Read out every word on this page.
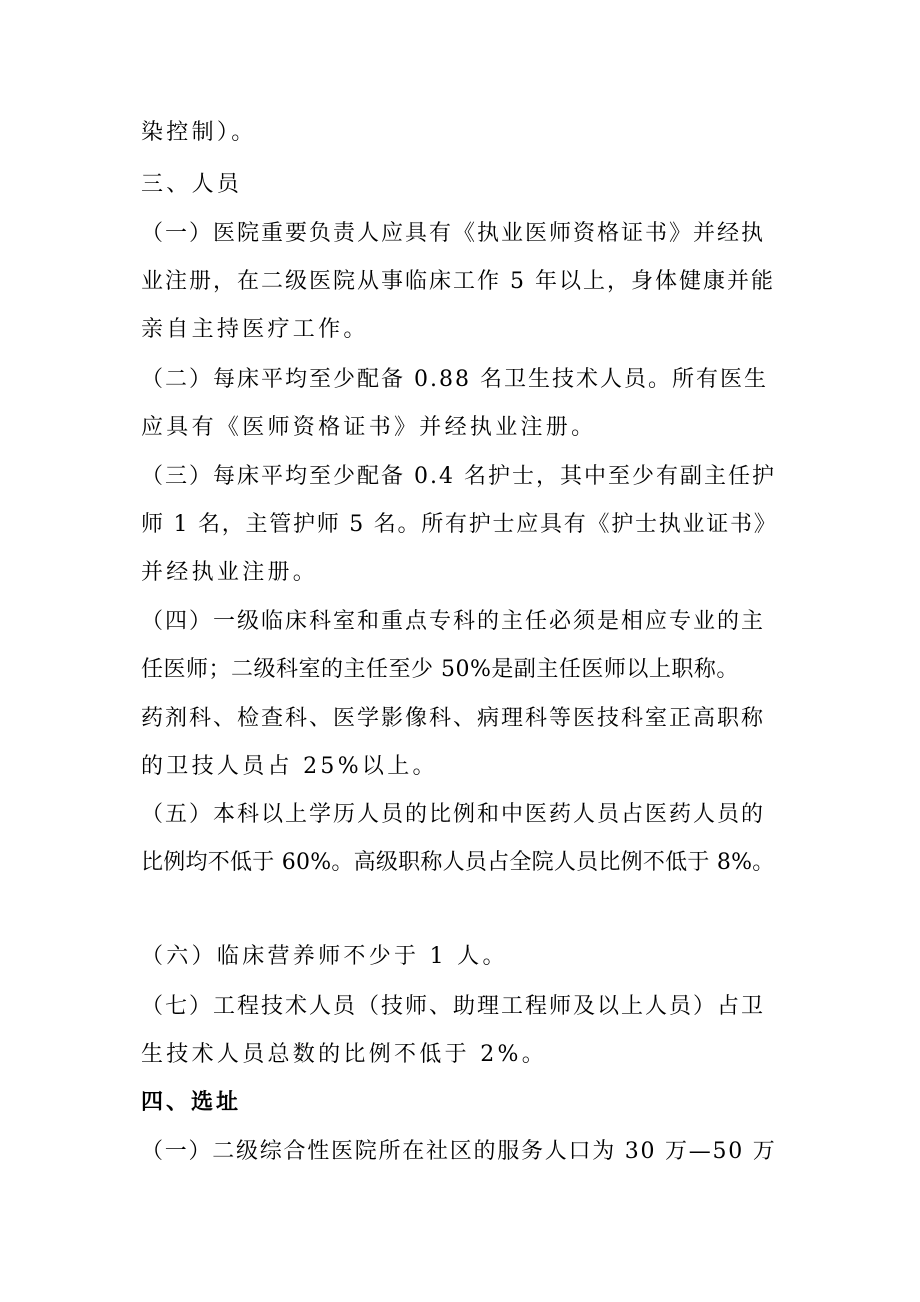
染控制）。
三、人员
（一）医院重要负责人应具有《执业医师资格证书》并经执
业注册，在二级医院从事临床工作 5 年以上，身体健康并能
亲自主持医疗工作。
（二）每床平均至少配备 0.88 名卫生技术人员。所有医生
应具有《医师资格证书》并经执业注册。
（三）每床平均至少配备 0.4 名护士，其中至少有副主任护
师 1 名，主管护师 5 名。所有护士应具有《护士执业证书》
并经执业注册。
（四）一级临床科室和重点专科的主任必须是相应专业的主
任医师；二级科室的主任至少 50%是副主任医师以上职称。
药剂科、检查科、医学影像科、病理科等医技科室正高职称
的卫技人员占 25%以上。
（五）本科以上学历人员的比例和中医药人员占医药人员的
比例均不低于 60%。高级职称人员占全院人员比例不低于 8%。
（六）临床营养师不少于 1 人。
（七）工程技术人员（技师、助理工程师及以上人员）占卫
生技术人员总数的比例不低于 2%。
四、选址
（一）二级综合性医院所在社区的服务人口为 30 万—50 万
